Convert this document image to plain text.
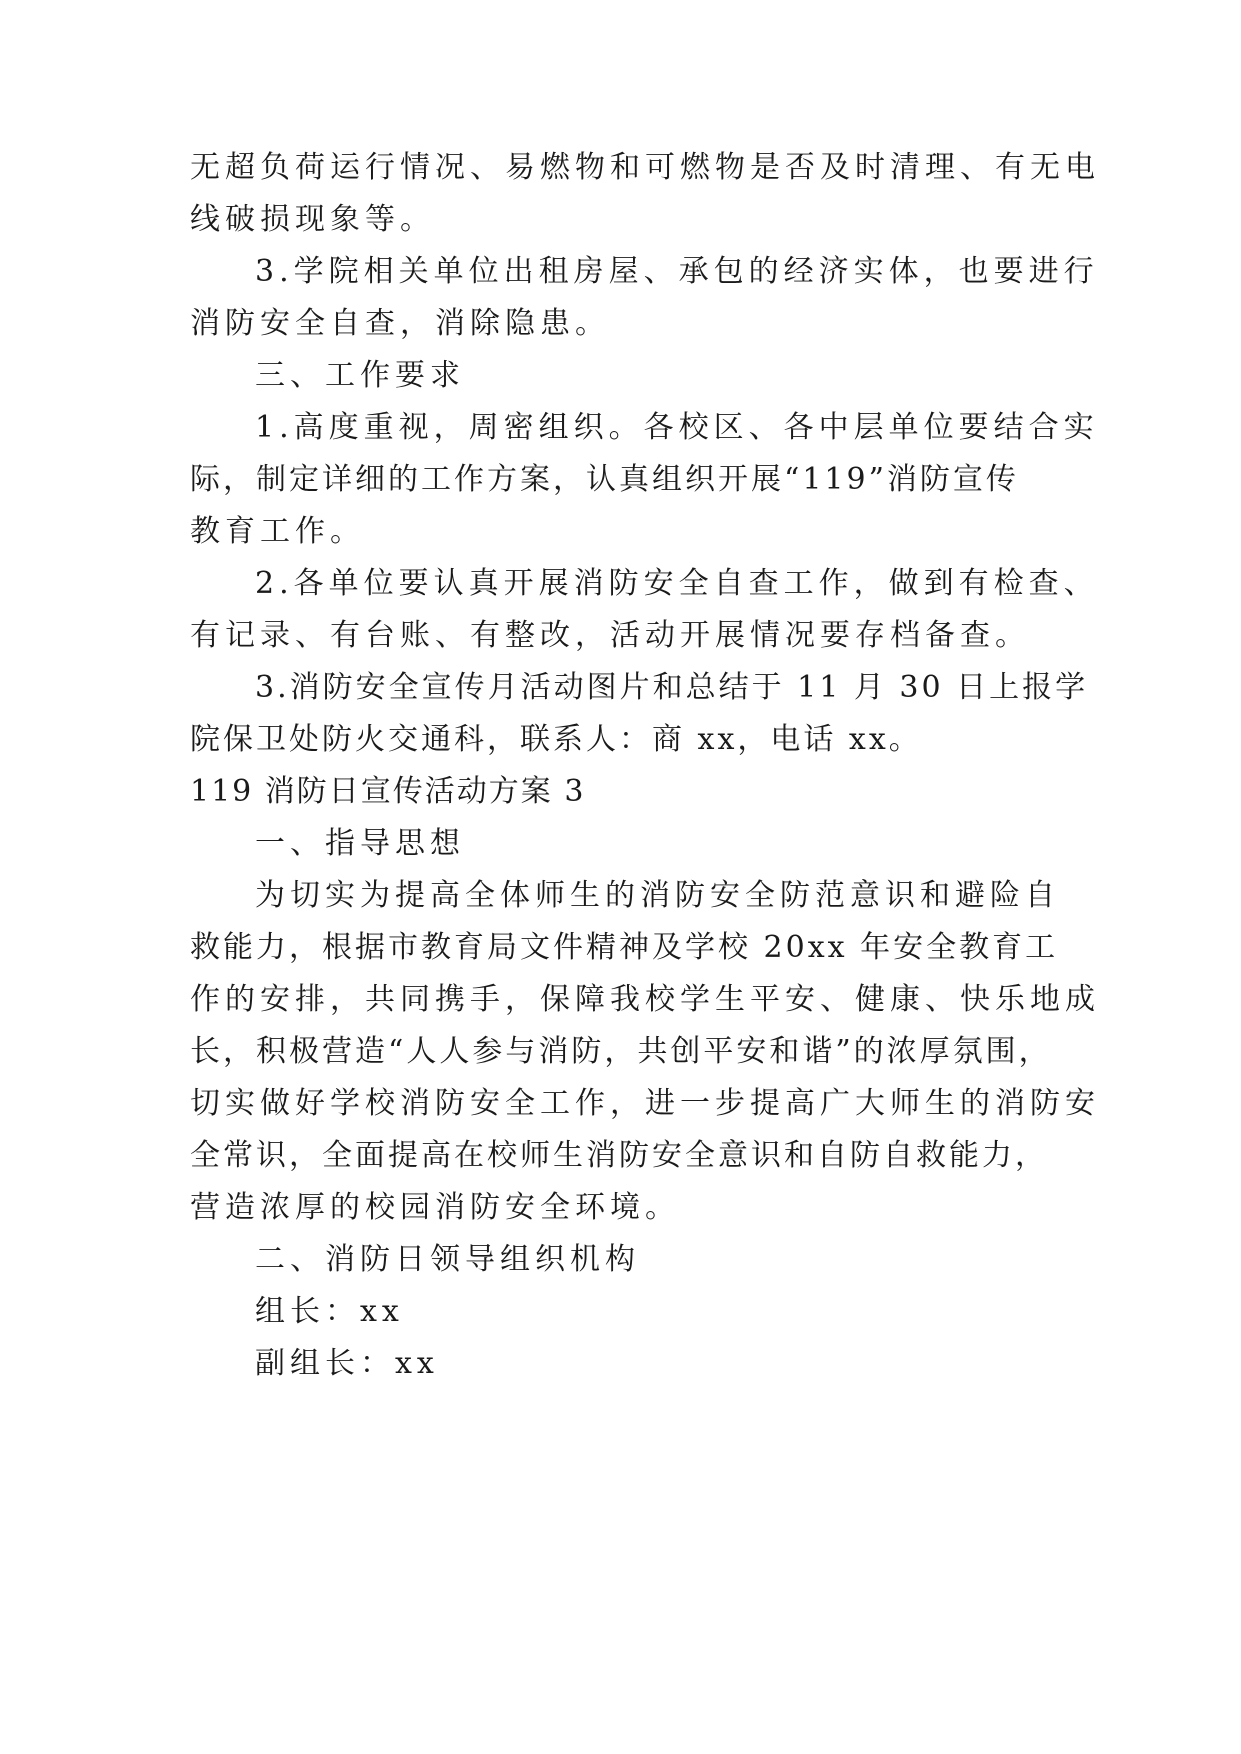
无超负荷运行情况、易燃物和可燃物是否及时清理、有无电
线破损现象等。
3.学院相关单位出租房屋、承包的经济实体，也要进行
消防安全自查，消除隐患。
三、工作要求
1.高度重视，周密组织。各校区、各中层单位要结合实
际，制定详细的工作方案，认真组织开展“119”消防宣传
教育工作。
2.各单位要认真开展消防安全自查工作，做到有检查、
有记录、有台账、有整改，活动开展情况要存档备查。
3.消防安全宣传月活动图片和总结于 11 月 30 日上报学
院保卫处防火交通科，联系人：商 xx，电话 xx。
119 消防日宣传活动方案 3
一、指导思想
为切实为提高全体师生的消防安全防范意识和避险自
救能力，根据市教育局文件精神及学校 20xx 年安全教育工
作的安排，共同携手，保障我校学生平安、健康、快乐地成
长，积极营造“人人参与消防，共创平安和谐”的浓厚氛围，
切实做好学校消防安全工作，进一步提高广大师生的消防安
全常识，全面提高在校师生消防安全意识和自防自救能力，
营造浓厚的校园消防安全环境。
二、消防日领导组织机构
组长：xx
副组长：xx
